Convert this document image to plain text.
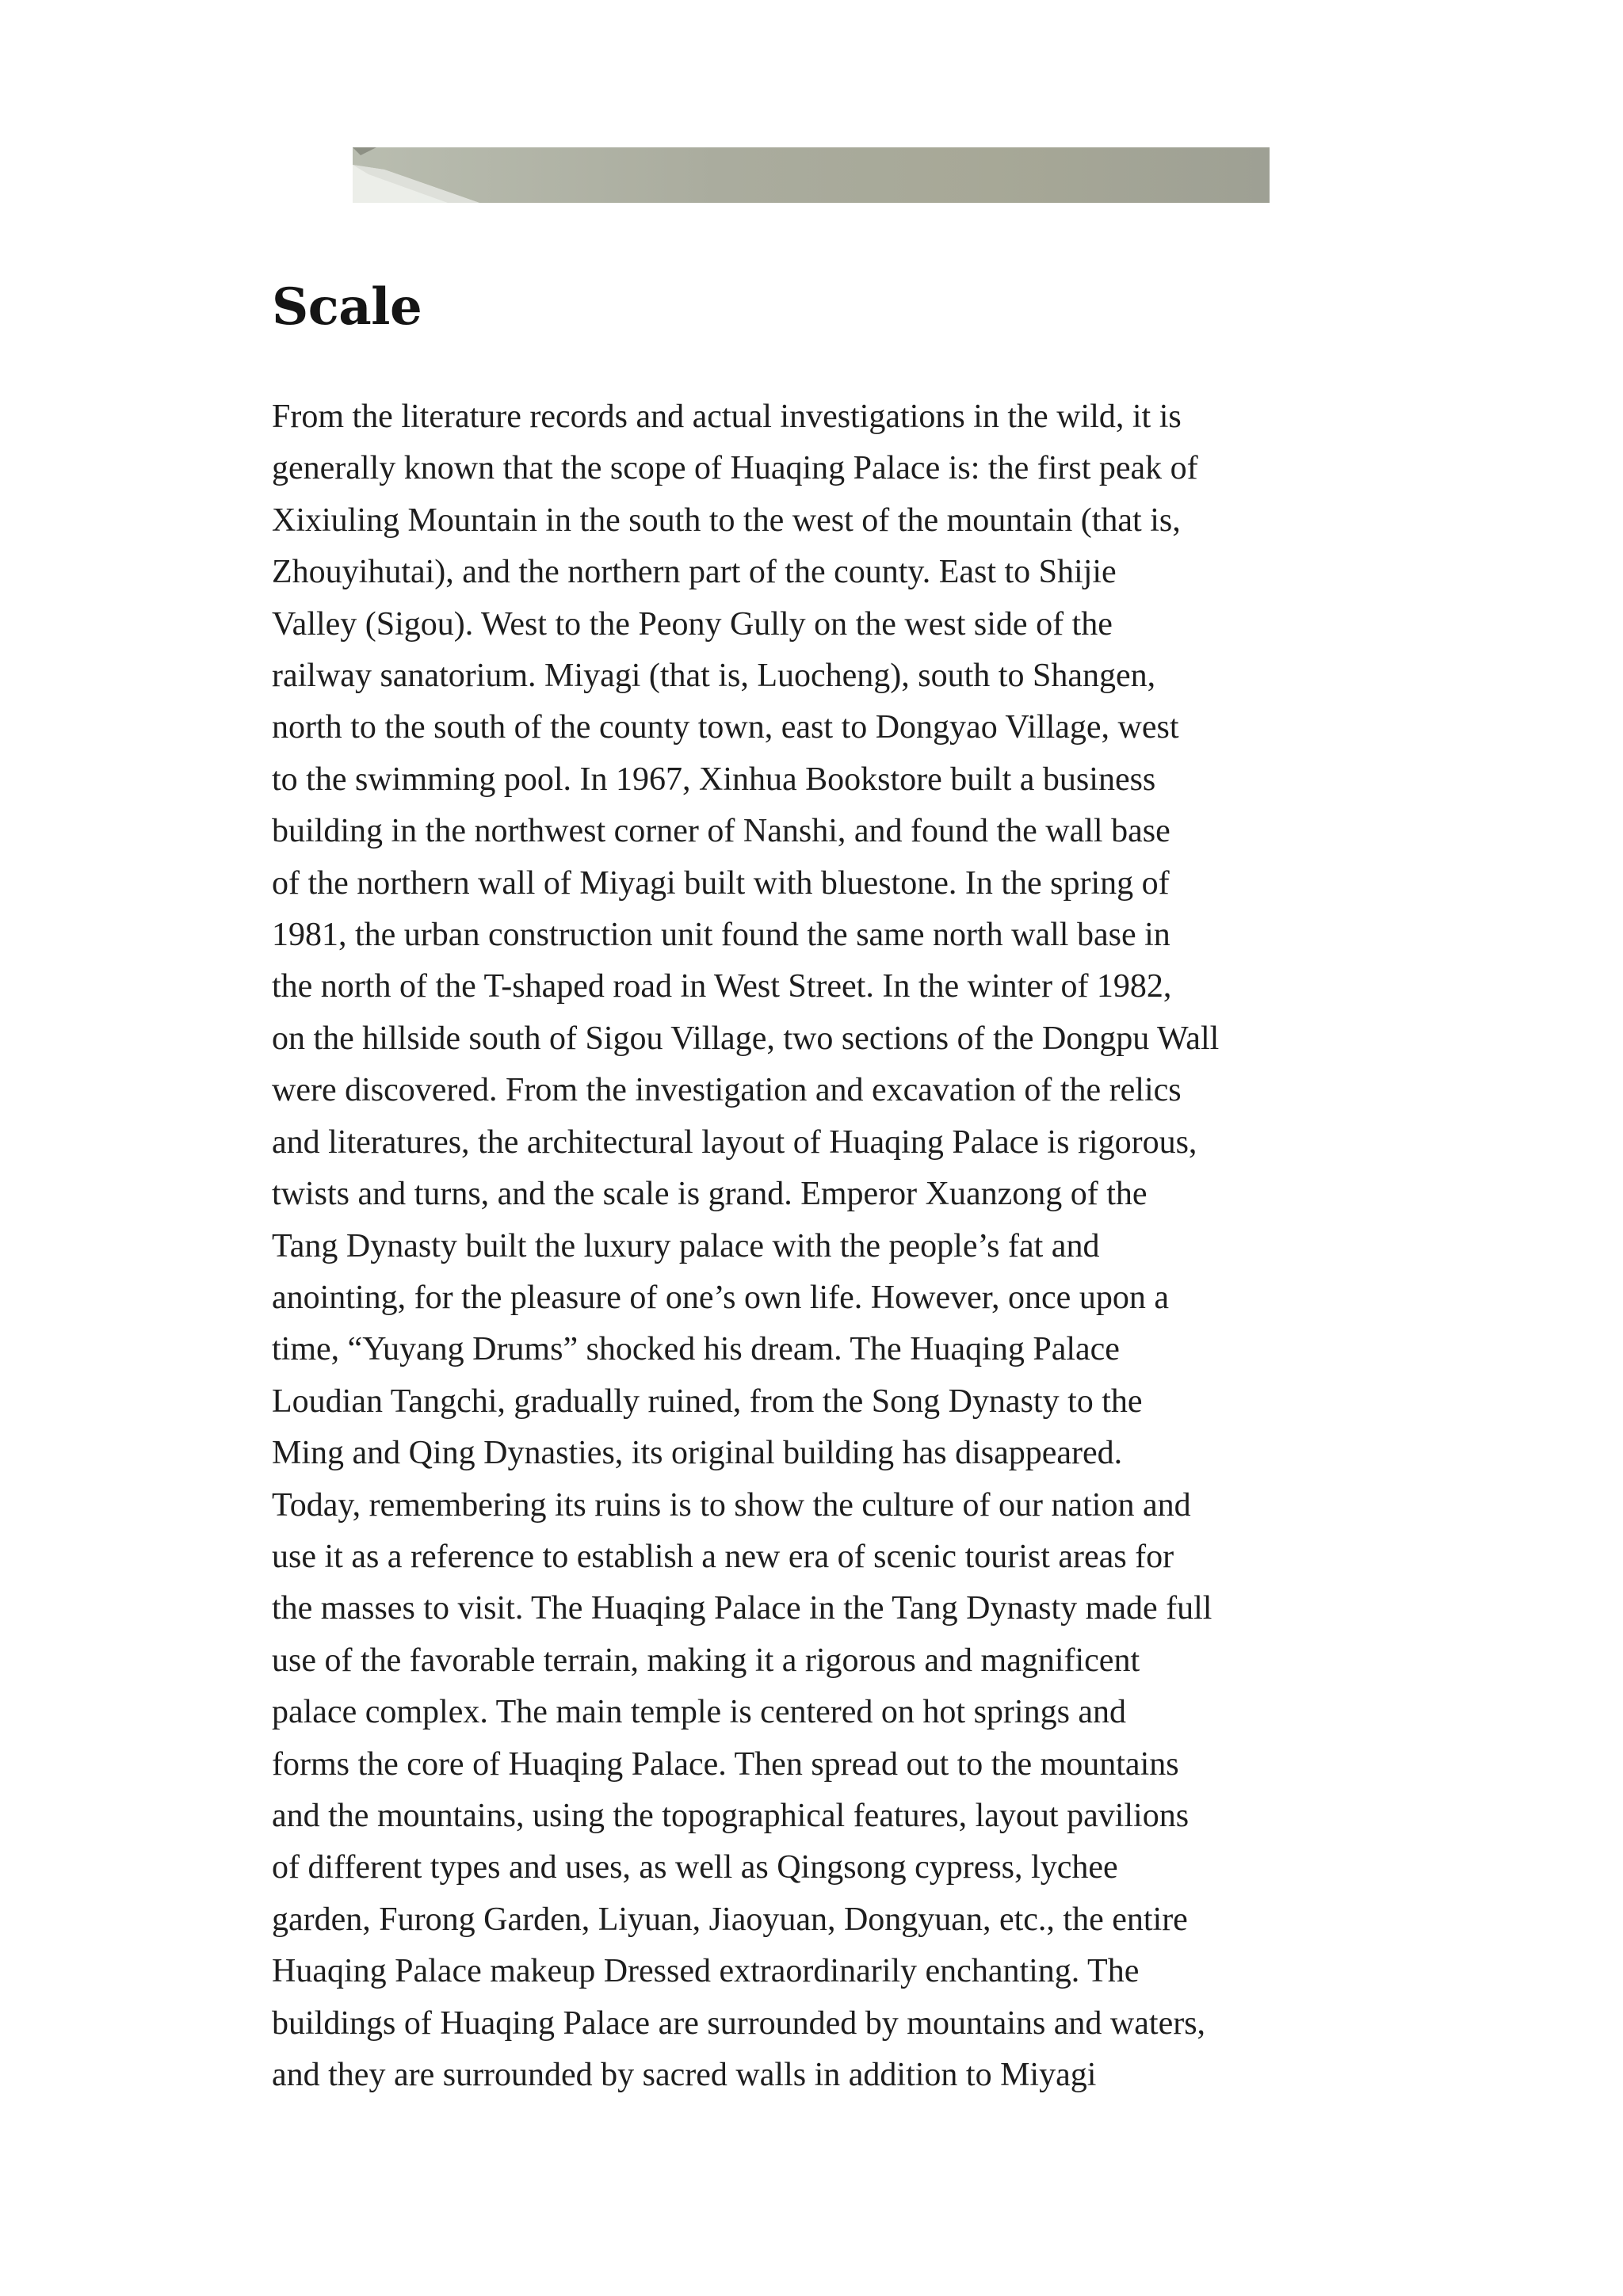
Scale
From the literature records and actual investigations in the wild, it is
generally known that the scope of Huaqing Palace is: the first peak of
Xixiuling Mountain in the south to the west of the mountain (that is,
Zhouyihutai), and the northern part of the county. East to Shijie
Valley (Sigou). West to the Peony Gully on the west side of the
railway sanatorium. Miyagi (that is, Luocheng), south to Shangen,
north to the south of the county town, east to Dongyao Village, west
to the swimming pool. In 1967, Xinhua Bookstore built a business
building in the northwest corner of Nanshi, and found the wall base
of the northern wall of Miyagi built with bluestone. In the spring of
1981, the urban construction unit found the same north wall base in
the north of the T-shaped road in West Street. In the winter of 1982,
on the hillside south of Sigou Village, two sections of the Dongpu Wall
were discovered. From the investigation and excavation of the relics
and literatures, the architectural layout of Huaqing Palace is rigorous,
twists and turns, and the scale is grand. Emperor Xuanzong of the
Tang Dynasty built the luxury palace with the people’s fat and
anointing, for the pleasure of one’s own life. However, once upon a
time, “Yuyang Drums” shocked his dream. The Huaqing Palace
Loudian Tangchi, gradually ruined, from the Song Dynasty to the
Ming and Qing Dynasties, its original building has disappeared.
Today, remembering its ruins is to show the culture of our nation and
use it as a reference to establish a new era of scenic tourist areas for
the masses to visit. The Huaqing Palace in the Tang Dynasty made full
use of the favorable terrain, making it a rigorous and magnificent
palace complex. The main temple is centered on hot springs and
forms the core of Huaqing Palace. Then spread out to the mountains
and the mountains, using the topographical features, layout pavilions
of different types and uses, as well as Qingsong cypress, lychee
garden, Furong Garden, Liyuan, Jiaoyuan, Dongyuan, etc., the entire
Huaqing Palace makeup Dressed extraordinarily enchanting. The
buildings of Huaqing Palace are surrounded by mountains and waters,
and they are surrounded by sacred walls in addition to Miyagi
